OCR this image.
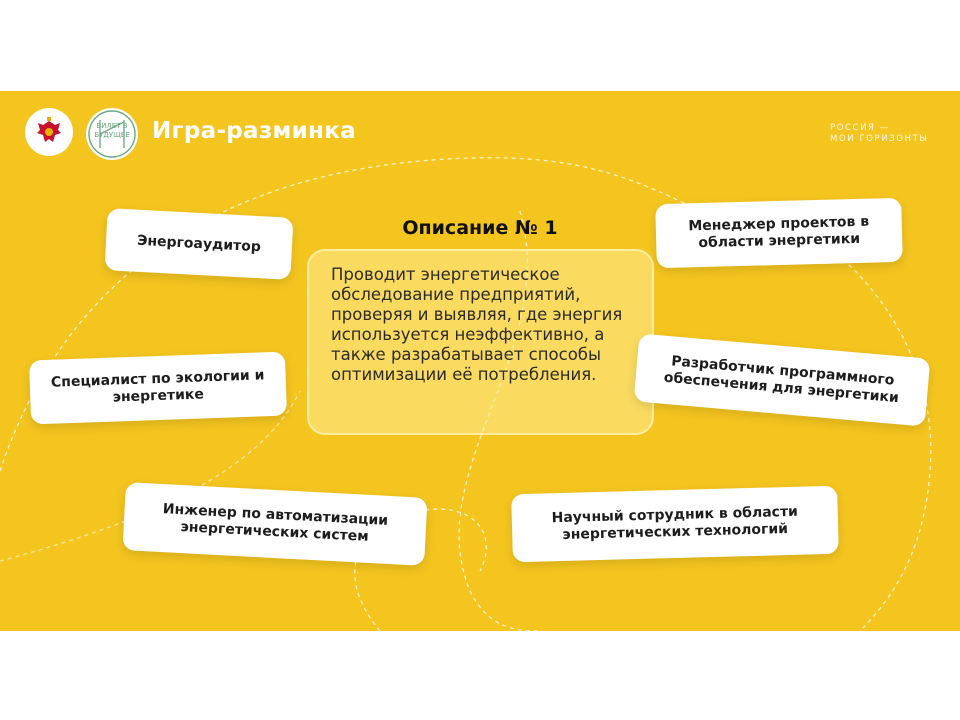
БИЛЕТ В БУДУЩЕЕ Игра-разминка	РОССИЯ —
МОИ ГОРИЗОНТЫ
Описание № 1
Проводит энергетическое обследование предприятий, проверяя и выявляя, где энергия используется неэффективно, а также разрабатывает способы оптимизации её потребления.
Энергоаудитор
Менеджер проектов в области энергетики
Специалист по экологии и энергетике
Разработчик программного обеспечения для энергетики
Инженер по автоматизации энергетических систем
Научный сотрудник в области энергетических технологий
